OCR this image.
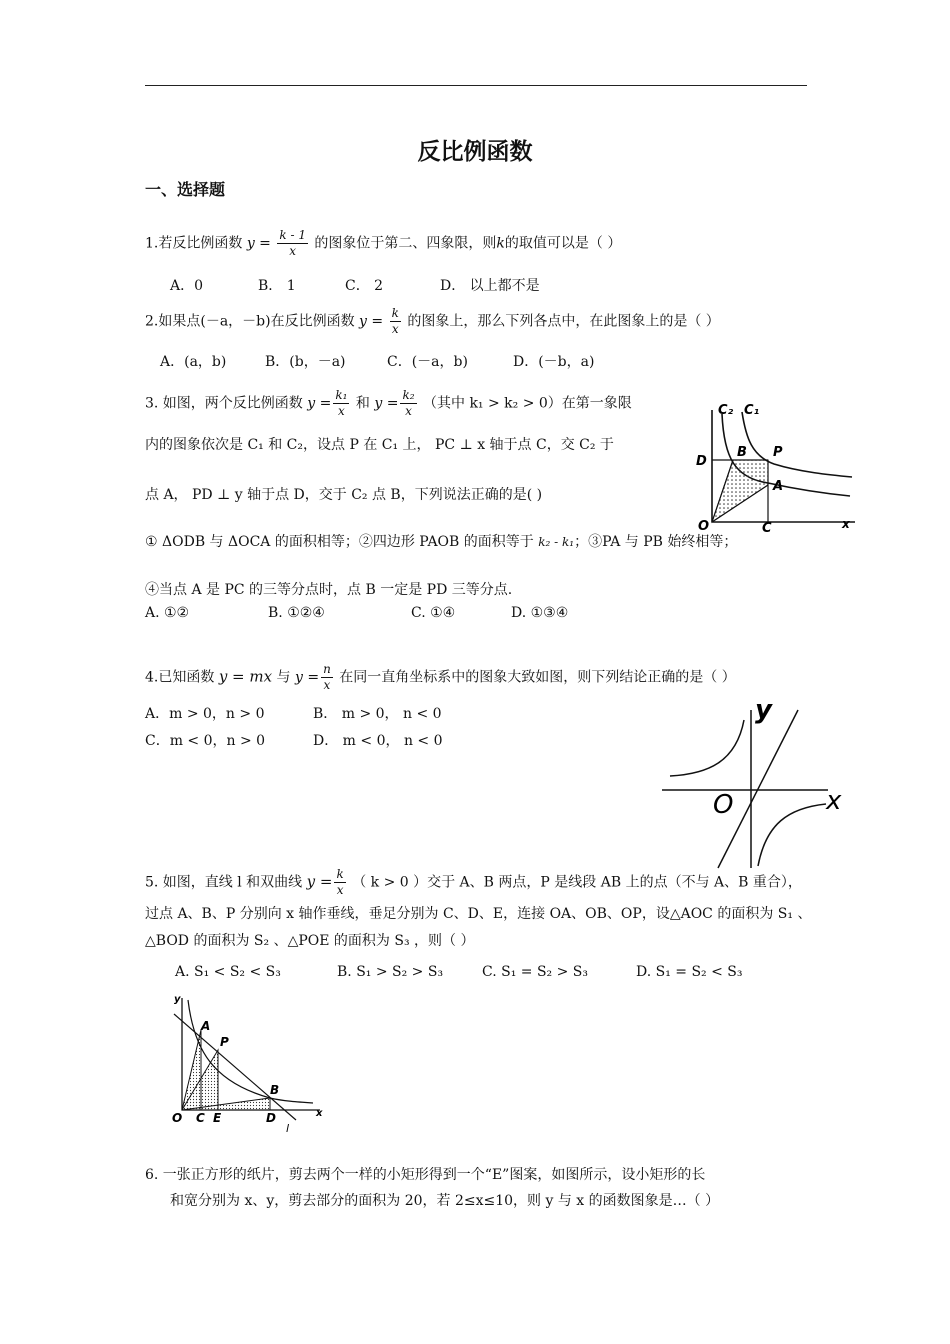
反比例函数
一、选择题
1.若反比例函数 $y = \frac{k - 1}{x}$ 的图象位于第二、四象限，则k的取值可以是（ ）
A．0	B． 1	C． 2	D． 以上都不是
2.如果点(－a，－b)在反比例函数 $y = \frac{k}{x}$ 的图象上，那么下列各点中，在此图象上的是（ ）
A．(a，b)	B．(b，－a)	C．(－a，b)	D．(－b，a)
3. 如图，两个反比例函数 $y = \frac{\text{k₁}}{x}$ 和 $y = \frac{\text{k₂}}{x}$ （其中 k₁ > k₂ > 0）在第一象限
内的图象依次是 C₁ 和 C₂，设点 P 在 C₁ 上， PC ⊥ x 轴于点 C，交 C₂ 于
点 A， PD ⊥ y 轴于点 D，交于 C₂ 点 B，下列说法正确的是( )
① ΔODB 与 ΔOCA 的面积相等；②四边形 PAOB 的面积等于 k₂ - k₁；③PA 与 PB 始终相等；
④当点 A 是 PC 的三等分点时，点 B 一定是 PD 三等分点.
A. ①②	B. ①②④	C. ①④	D. ①③④
C₂ C₁
D
B P
A
O	C	x
4.已知函数 y = mx 与 $y = \frac{n}{x}$ 在同一直角坐标系中的图象大致如图，则下列结论正确的是（ ）
A．m > 0，n > 0	B． m > 0， n < 0
C．m < 0，n > 0	D． m < 0， n < 0
y
O	x
5. 如图，直线 l 和双曲线 $y = \frac{k}{x}$ （ k > 0 ）交于 A、B 两点，P 是线段 AB 上的点（不与 A、B 重合），
过点 A、B、P 分别向 x 轴作垂线，垂足分别为 C、D、E，连接 OA、OB、OP，设△AOC 的面积为 S₁ 、
△BOD 的面积为 S₂ 、△POE 的面积为 S₃ ，则（ ）
A. S₁ < S₂ < S₃	B. S₁ > S₂ > S₃	C. S₁ = S₂ > S₃	D. S₁ = S₂ < S₃
y
A
P
B
O C E	D
l
x
6. 一张正方形的纸片，剪去两个一样的小矩形得到一个“E”图案，如图所示，设小矩形的长
和宽分别为 x、y，剪去部分的面积为 20，若 2≤x≤10，则 y 与 x 的函数图象是…（ ）
